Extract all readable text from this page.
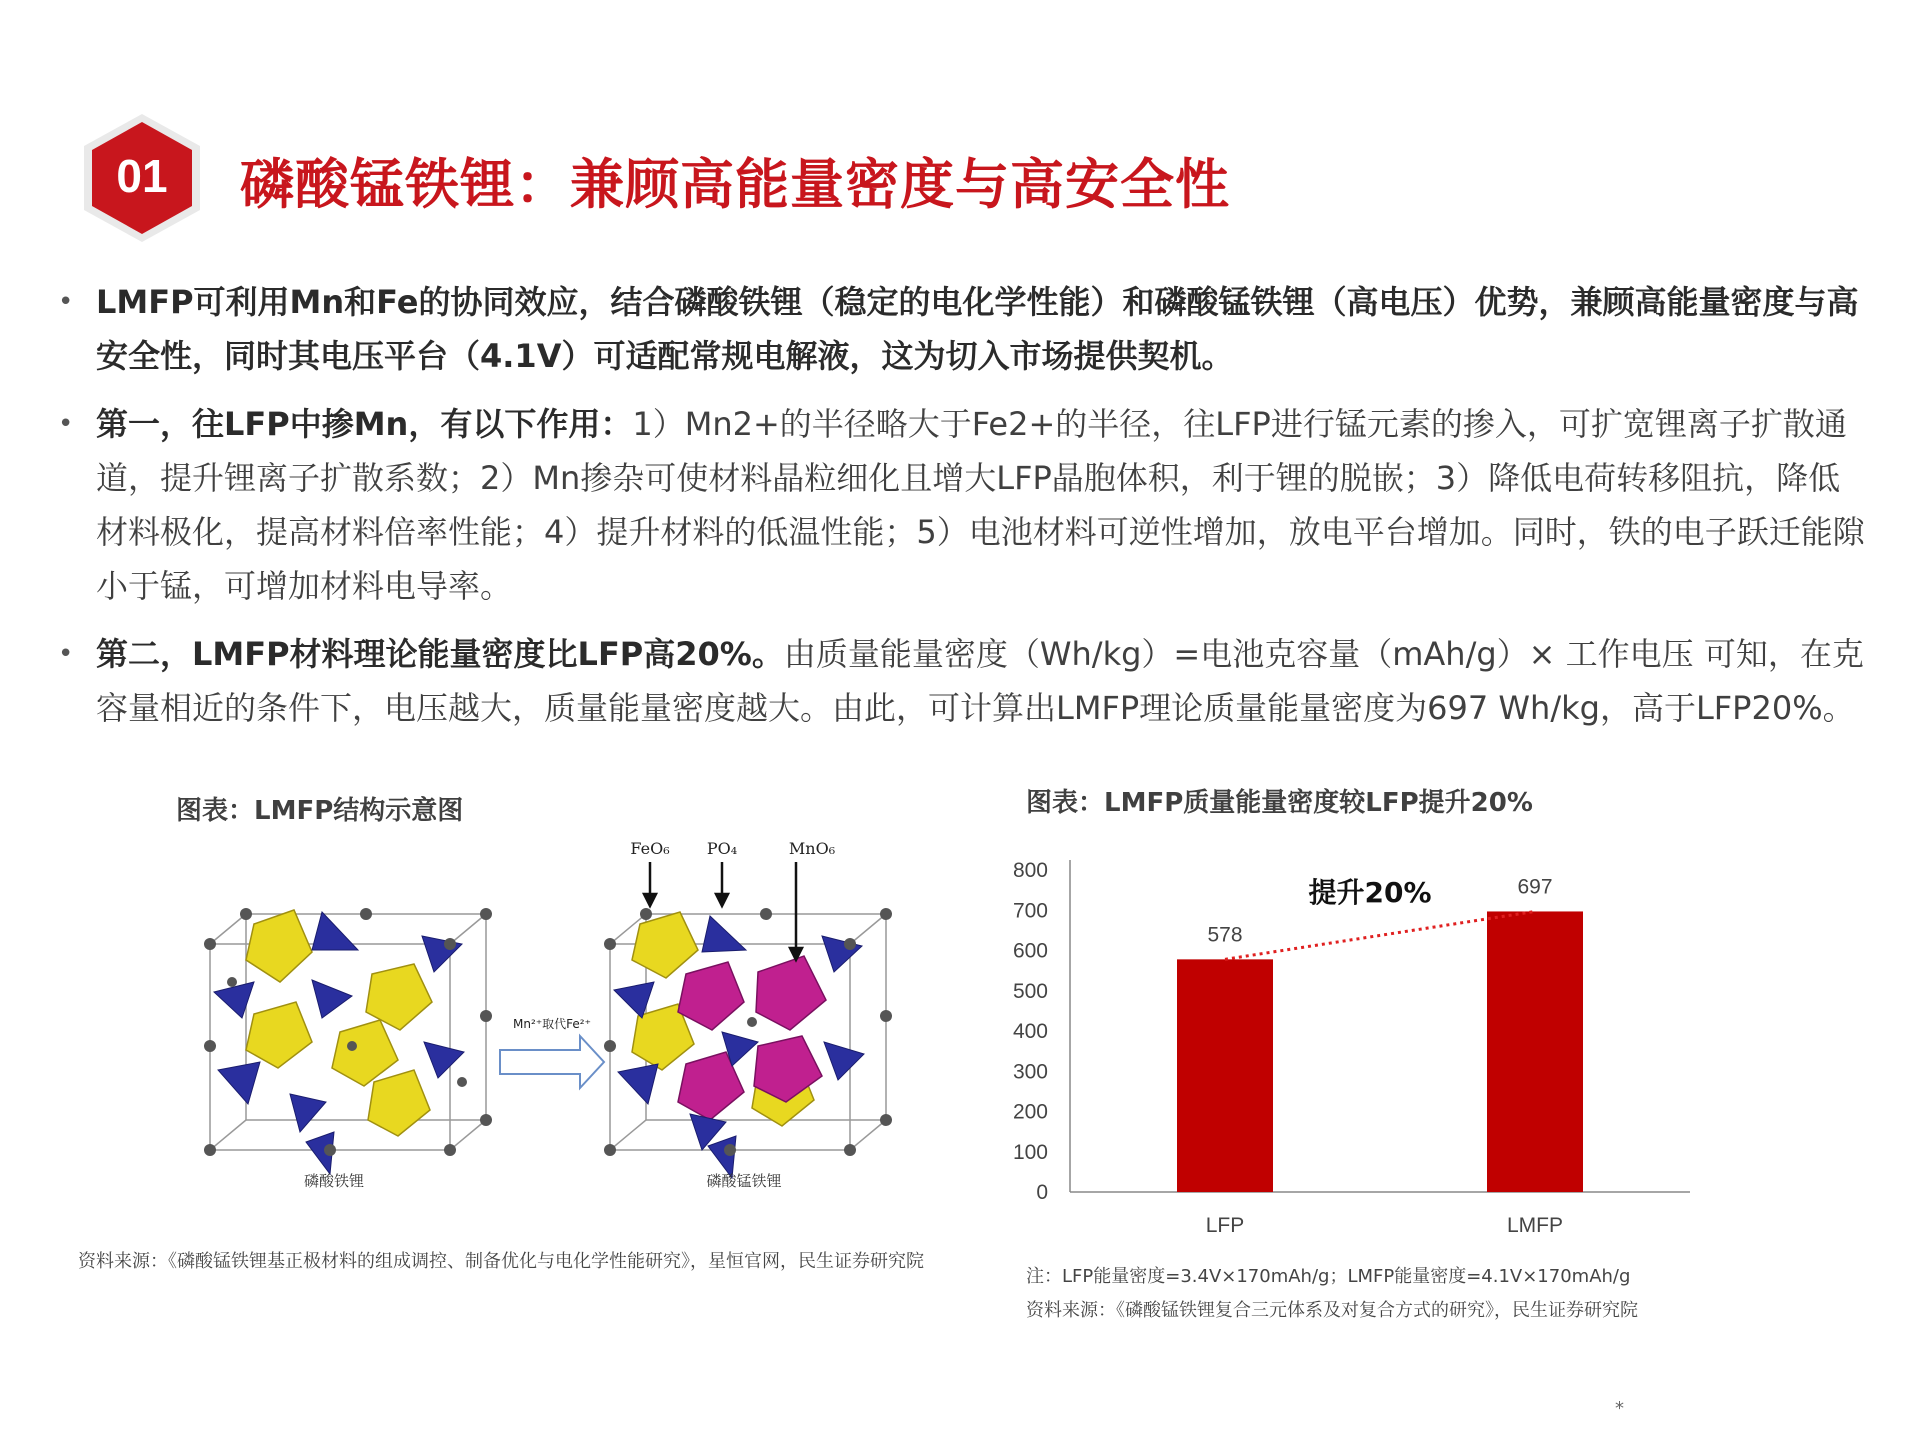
01 磷酸锰铁锂：兼顾高能量密度与高安全性
• LMFP可利用Mn和Fe的协同效应，结合磷酸铁锂（稳定的电化学性能）和磷酸锰铁锂（高电压）优势，兼顾高能量密度与高安全性，同时其电压平台（4.1V）可适配常规电解液，这为切入市场提供契机。
• 第一，往LFP中掺Mn，有以下作用：1）Mn2+的半径略大于Fe2+的半径，往LFP进行锰元素的掺入，可扩宽锂离子扩散通道，提升锂离子扩散系数；2）Mn掺杂可使材料晶粒细化且增大LFP晶胞体积，利于锂的脱嵌；3）降低电荷转移阻抗，降低材料极化，提高材料倍率性能；4）提升材料的低温性能；5）电池材料可逆性增加，放电平台增加。同时，铁的电子跃迁能隙小于锰，可增加材料电导率。
• 第二，LMFP材料理论能量密度比LFP高20%。由质量能量密度（Wh/kg）=电池克容量（mAh/g）× 工作电压 可知，在克容量相近的条件下，电压越大，质量能量密度越大。由此，可计算出LMFP理论质量能量密度为697 Wh/kg，高于LFP20%。
图表：LMFP结构示意图
Mn²⁺取代Fe²⁺
FeO₆ PO₄	MnO₆
磷酸铁锂	磷酸锰铁锂
资料来源：《磷酸锰铁锂基正极材料的组成调控、制备优化与电化学性能研究》，星恒官网，民生证券研究院
图表：LMFP质量能量密度较LFP提升20%
0
100
200
300
400
500
600
700
800
578
LFP
697
LMFP
提升20%
注：LFP能量密度=3.4V×170mAh/g；LMFP能量密度=4.1V×170mAh/g
资料来源：《磷酸锰铁锂复合三元体系及对复合方式的研究》，民生证券研究院
*
